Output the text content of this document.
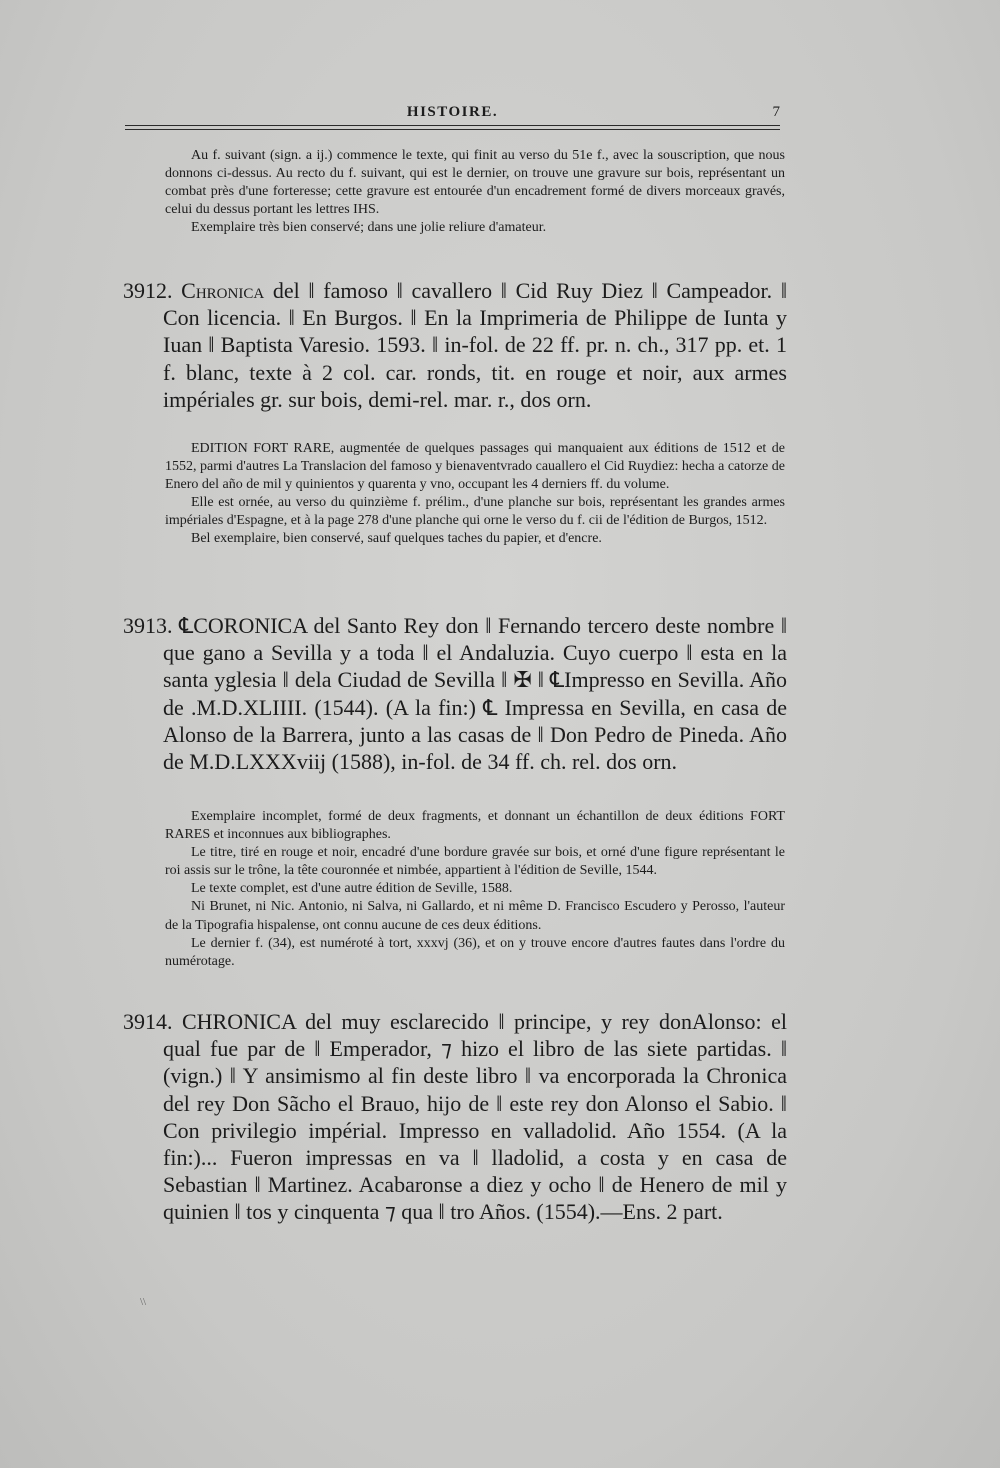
HISTOIRE.	7

Au f. suivant (sign. a ij.) commence le texte, qui finit au verso du 51e f., avec la souscription, que nous donnons ci-dessus. Au recto du f. suivant, qui est le dernier, on trouve une gravure sur bois, représentant un combat près d'une forteresse; cette gravure est entourée d'un encadrement formé de divers morceaux gravés, celui du dessus portant les lettres IHS.

Exemplaire très bien conservé; dans une jolie reliure d'amateur.

3912. Chronica del ‖ famoso ‖ cavallero ‖ Cid Ruy Diez ‖ Campeador. ‖ Con licencia. ‖ En Burgos. ‖ En la Imprimeria de Philippe de Iunta y Iuan ‖ Baptista Varesio. 1593. ‖ in-fol. de 22 ff. pr. n. ch., 317 pp. et. 1 f. blanc, texte à 2 col. car. ronds, tit. en rouge et noir, aux armes impériales gr. sur bois, demi-rel. mar. r., dos orn.

EDITION FORT RARE, augmentée de quelques passages qui manquaient aux éditions de 1512 et de 1552, parmi d'autres La Translacion del famoso y bienaventvrado cauallero el Cid Ruydiez: hecha a catorze de Enero del año de mil y quinientos y quarenta y vno, occupant les 4 derniers ff. du volume.

Elle est ornée, au verso du quinzième f. prélim., d'une planche sur bois, représentant les grandes armes impériales d'Espagne, et à la page 278 d'une planche qui orne le verso du f. cii de l'édition de Burgos, 1512.

Bel exemplaire, bien conservé, sauf quelques taches du papier, et d'encre.

3913. ℄CORONICA del Santo Rey don ‖ Fernando tercero deste nombre ‖ que gano a Sevilla y a toda ‖ el Andaluzia. Cuyo cuerpo ‖ esta en la santa yglesia ‖ dela Ciudad de Sevilla ‖ ✠ ‖ ℄Impresso en Sevilla. Año de .M.D.XLIIII. (1544). (A la fin:) ℄ Impressa en Sevilla, en casa de Alonso de la Barrera, junto a las casas de ‖ Don Pedro de Pineda. Año de M.D.LXXXviij (1588), in-fol. de 34 ff. ch. rel. dos orn.

Exemplaire incomplet, formé de deux fragments, et donnant un échantillon de deux éditions FORT RARES et inconnues aux bibliographes.

Le titre, tiré en rouge et noir, encadré d'une bordure gravée sur bois, et orné d'une figure représentant le roi assis sur le trône, la tête couronnée et nimbée, appartient à l'édition de Seville, 1544.

Le texte complet, est d'une autre édition de Seville, 1588.

Ni Brunet, ni Nic. Antonio, ni Salva, ni Gallardo, et ni même D. Francisco Escudero y Perosso, l'auteur de la Tipografia hispalense, ont connu aucune de ces deux éditions.

Le dernier f. (34), est numéroté à tort, xxxvj (36), et on y trouve encore d'autres fautes dans l'ordre du numérotage.

3914. CHRONICA del muy esclarecido ‖ principe, y rey donAlonso: el qual fue par de ‖ Emperador, ⁊ hizo el libro de las siete partidas. ‖ (vign.) ‖ Y ansimismo al fin deste libro ‖ va encorporada la Chronica del rey Don Sãcho el Brauo, hijo de ‖ este rey don Alonso el Sabio. ‖ Con privilegio impérial. Impresso en valladolid. Año 1554. (A la fin:)... Fueron impressas en va ‖ lladolid, a costa y en casa de Sebastian ‖ Martinez. Acabaronse a diez y ocho ‖ de Henero de mil y quinien ‖ tos y cinquenta ⁊ qua ‖ tro Años. (1554).—Ens. 2 part.
\\
